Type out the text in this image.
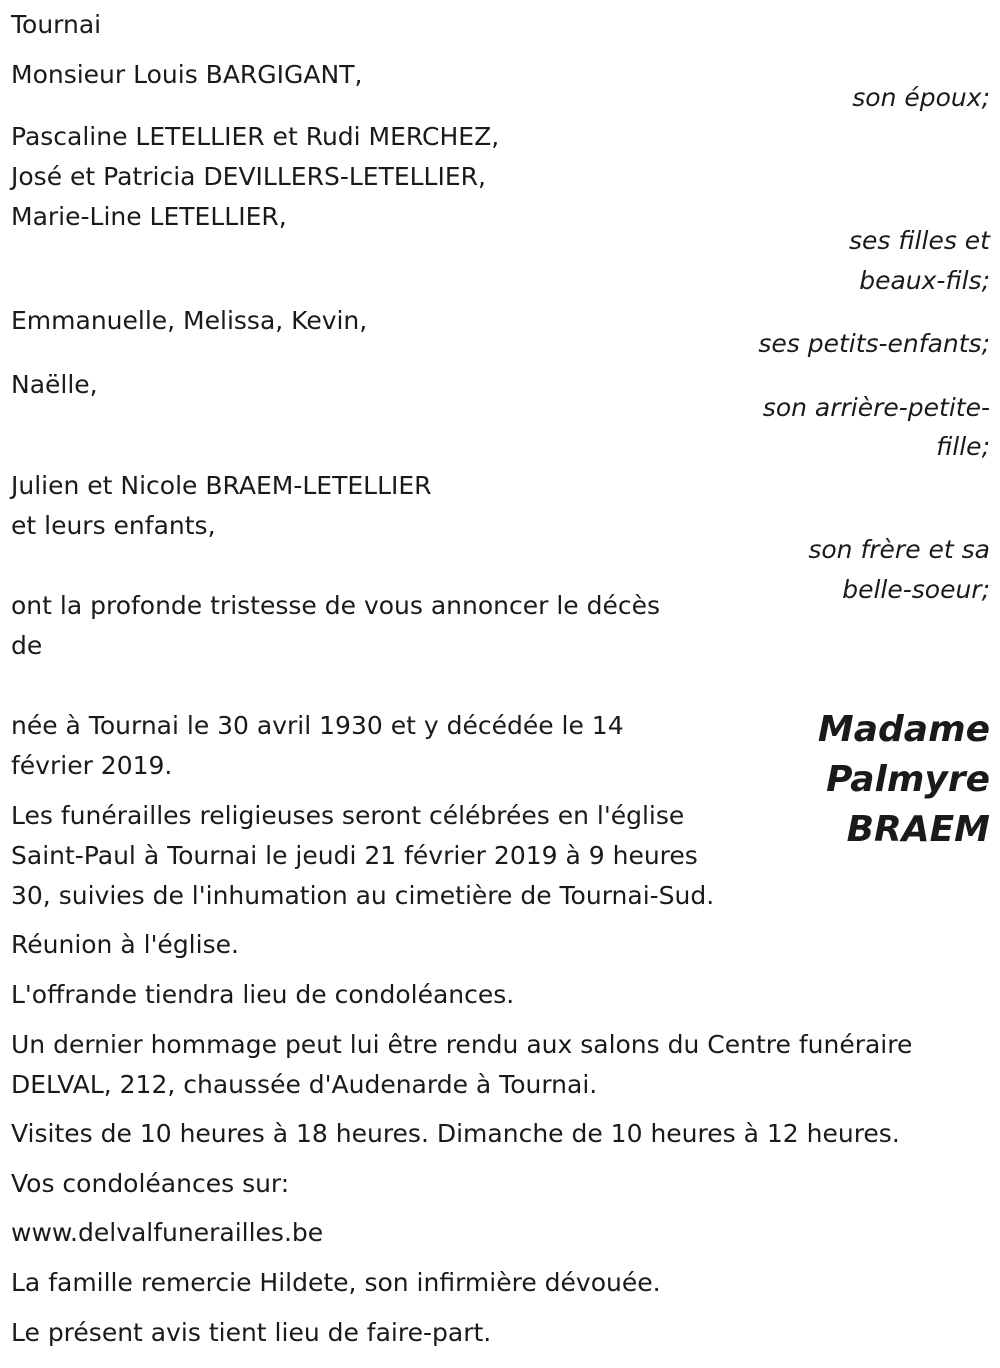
Tournai

Monsieur Louis BARGIGANT,

son époux;

Pascaline LETELLIER et Rudi MERCHEZ,

José et Patricia DEVILLERS-LETELLIER,

Marie-Line LETELLIER,

ses filles et

beaux-fils;

Emmanuelle, Melissa, Kevin,

ses petits-enfants;

Naëlle,

son arrière-petite-

fille;

Julien et Nicole BRAEM-LETELLIER

et leurs enfants,

son frère et sa

belle-soeur;

ont la profonde tristesse de vous annoncer le décès

de

Madame
Palmyre
BRAEM

née à Tournai le 30 avril 1930 et y décédée le 14

février 2019.

Les funérailles religieuses seront célébrées en l'église

Saint-Paul à Tournai le jeudi 21 février 2019 à 9 heures

30, suivies de l'inhumation au cimetière de Tournai-Sud.

Réunion à l'église.

L'offrande tiendra lieu de condoléances.

Un dernier hommage peut lui être rendu aux salons du Centre funéraire

DELVAL, 212, chaussée d'Audenarde à Tournai.

Visites de 10 heures à 18 heures. Dimanche de 10 heures à 12 heures.

Vos condoléances sur:

www.delvalfunerailles.be

La famille remercie Hildete, son infirmière dévouée.

Le présent avis tient lieu de faire-part.
